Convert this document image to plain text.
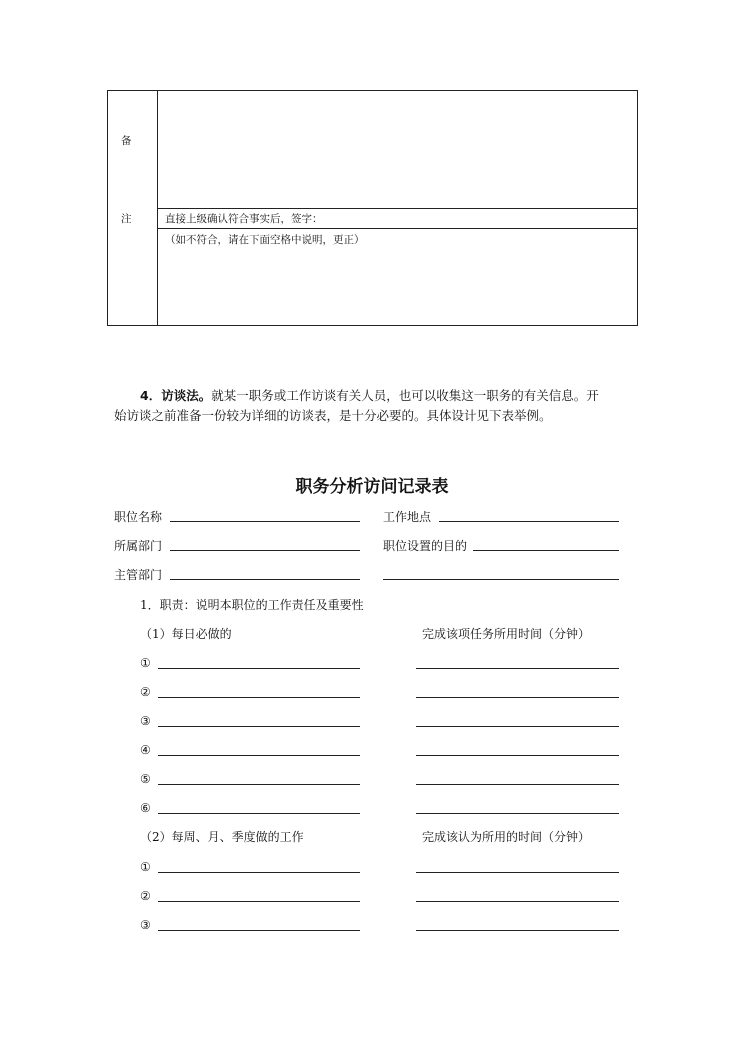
备
注	直接上级确认符合事实后，签字：
（如不符合，请在下面空格中说明，更正）
4．访谈法。就某一职务或工作访谈有关人员，也可以收集这一职务的有关信息。开
始访谈之前准备一份较为详细的访谈表，是十分必要的。具体设计见下表举例。
职务分析访问记录表
职位名称	工作地点
所属部门	职位设置的目的
主管部门
1．职责：说明本职位的工作责任及重要性
（1）每日必做的	完成该项任务所用时间（分钟）
①
②
③
④
⑤
⑥
（2）每周、月、季度做的工作	完成该认为所用的时间（分钟）
①
②
③
